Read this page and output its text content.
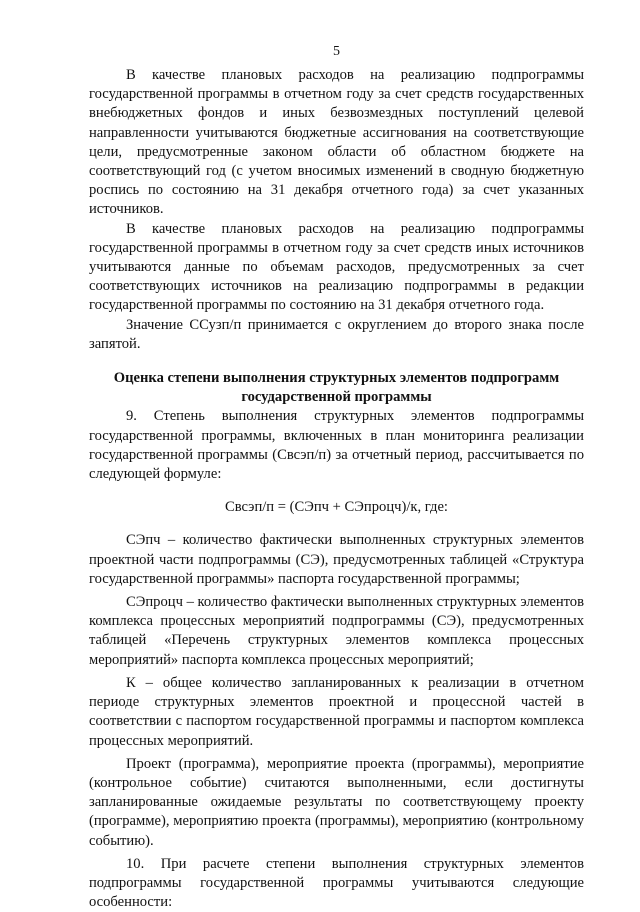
5

В качестве плановых расходов на реализацию подпрограммы государственной программы в отчетном году за счет средств государственных внебюджетных фондов и иных безвозмездных поступлений целевой направленности учитываются бюджетные ассигнования на соответствующие цели, предусмотренные законом области об областном бюджете на соответствующий год (с учетом вносимых изменений в сводную бюджетную роспись по состоянию на 31 декабря отчетного года) за счет указанных источников.

В качестве плановых расходов на реализацию подпрограммы государственной программы в отчетном году за счет средств иных источников учитываются данные по объемам расходов, предусмотренных за счет соответствующих источников на реализацию подпрограммы в редакции государственной программы по состоянию на 31 декабря отчетного года.

Значение ССузп/п принимается с округлением до второго знака после запятой.

Оценка степени выполнения структурных элементов подпрограмм государственной программы

9. Степень выполнения структурных элементов подпрограммы государственной программы, включенных в план мониторинга реализации государственной программы (Свсэп/п) за отчетный период, рассчитывается по следующей формуле:

Свсэп/п = (СЭпч + СЭпроцч)/к, где:

СЭпч – количество фактически выполненных структурных элементов проектной части подпрограммы (СЭ), предусмотренных таблицей «Структура государственной программы» паспорта государственной программы;

СЭпроцч – количество фактически выполненных структурных элементов комплекса процессных мероприятий подпрограммы (СЭ), предусмотренных таблицей «Перечень структурных элементов комплекса процессных мероприятий» паспорта комплекса процессных мероприятий;

К – общее количество запланированных к реализации в отчетном периоде структурных элементов проектной и процессной частей в соответствии с паспортом государственной программы и паспортом комплекса процессных мероприятий.

Проект (программа), мероприятие проекта (программы), мероприятие (контрольное событие) считаются выполненными, если достигнуты запланированные ожидаемые результаты по соответствующему проекту (программе), мероприятию проекта (программы), мероприятию (контрольному событию).

10. При расчете степени выполнения структурных элементов подпрограммы государственной программы учитываются следующие особенности:
